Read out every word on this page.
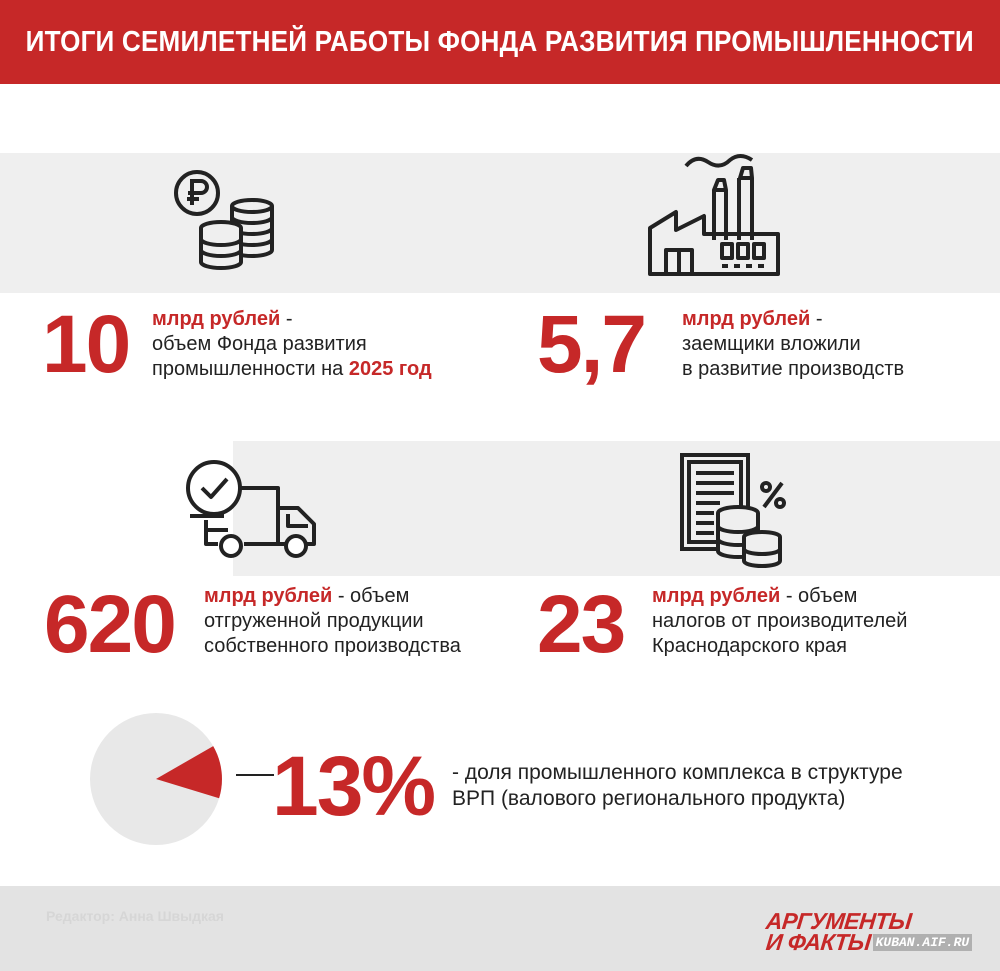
ИТОГИ СЕМИЛЕТНЕЙ РАБОТЫ ФОНДА РАЗВИТИЯ ПРОМЫШЛЕННОСТИ
10 млрд рублей -
объем Фонда развития
промышленности на 2025 год 5,7 млрд рублей -
заемщики вложили
в развитие производств
620 млрд рублей - объем
отгруженной продукции
собственного производства 23 млрд рублей - объем
налогов от производителей
Краснодарского края
13% - доля промышленного комплекса в структуре
ВРП (валового регионального продукта)
Редактор: Анна Швыдкая	АРГУМЕНТЫ
И ФАКТЫ KUBAN.AIF.RU
